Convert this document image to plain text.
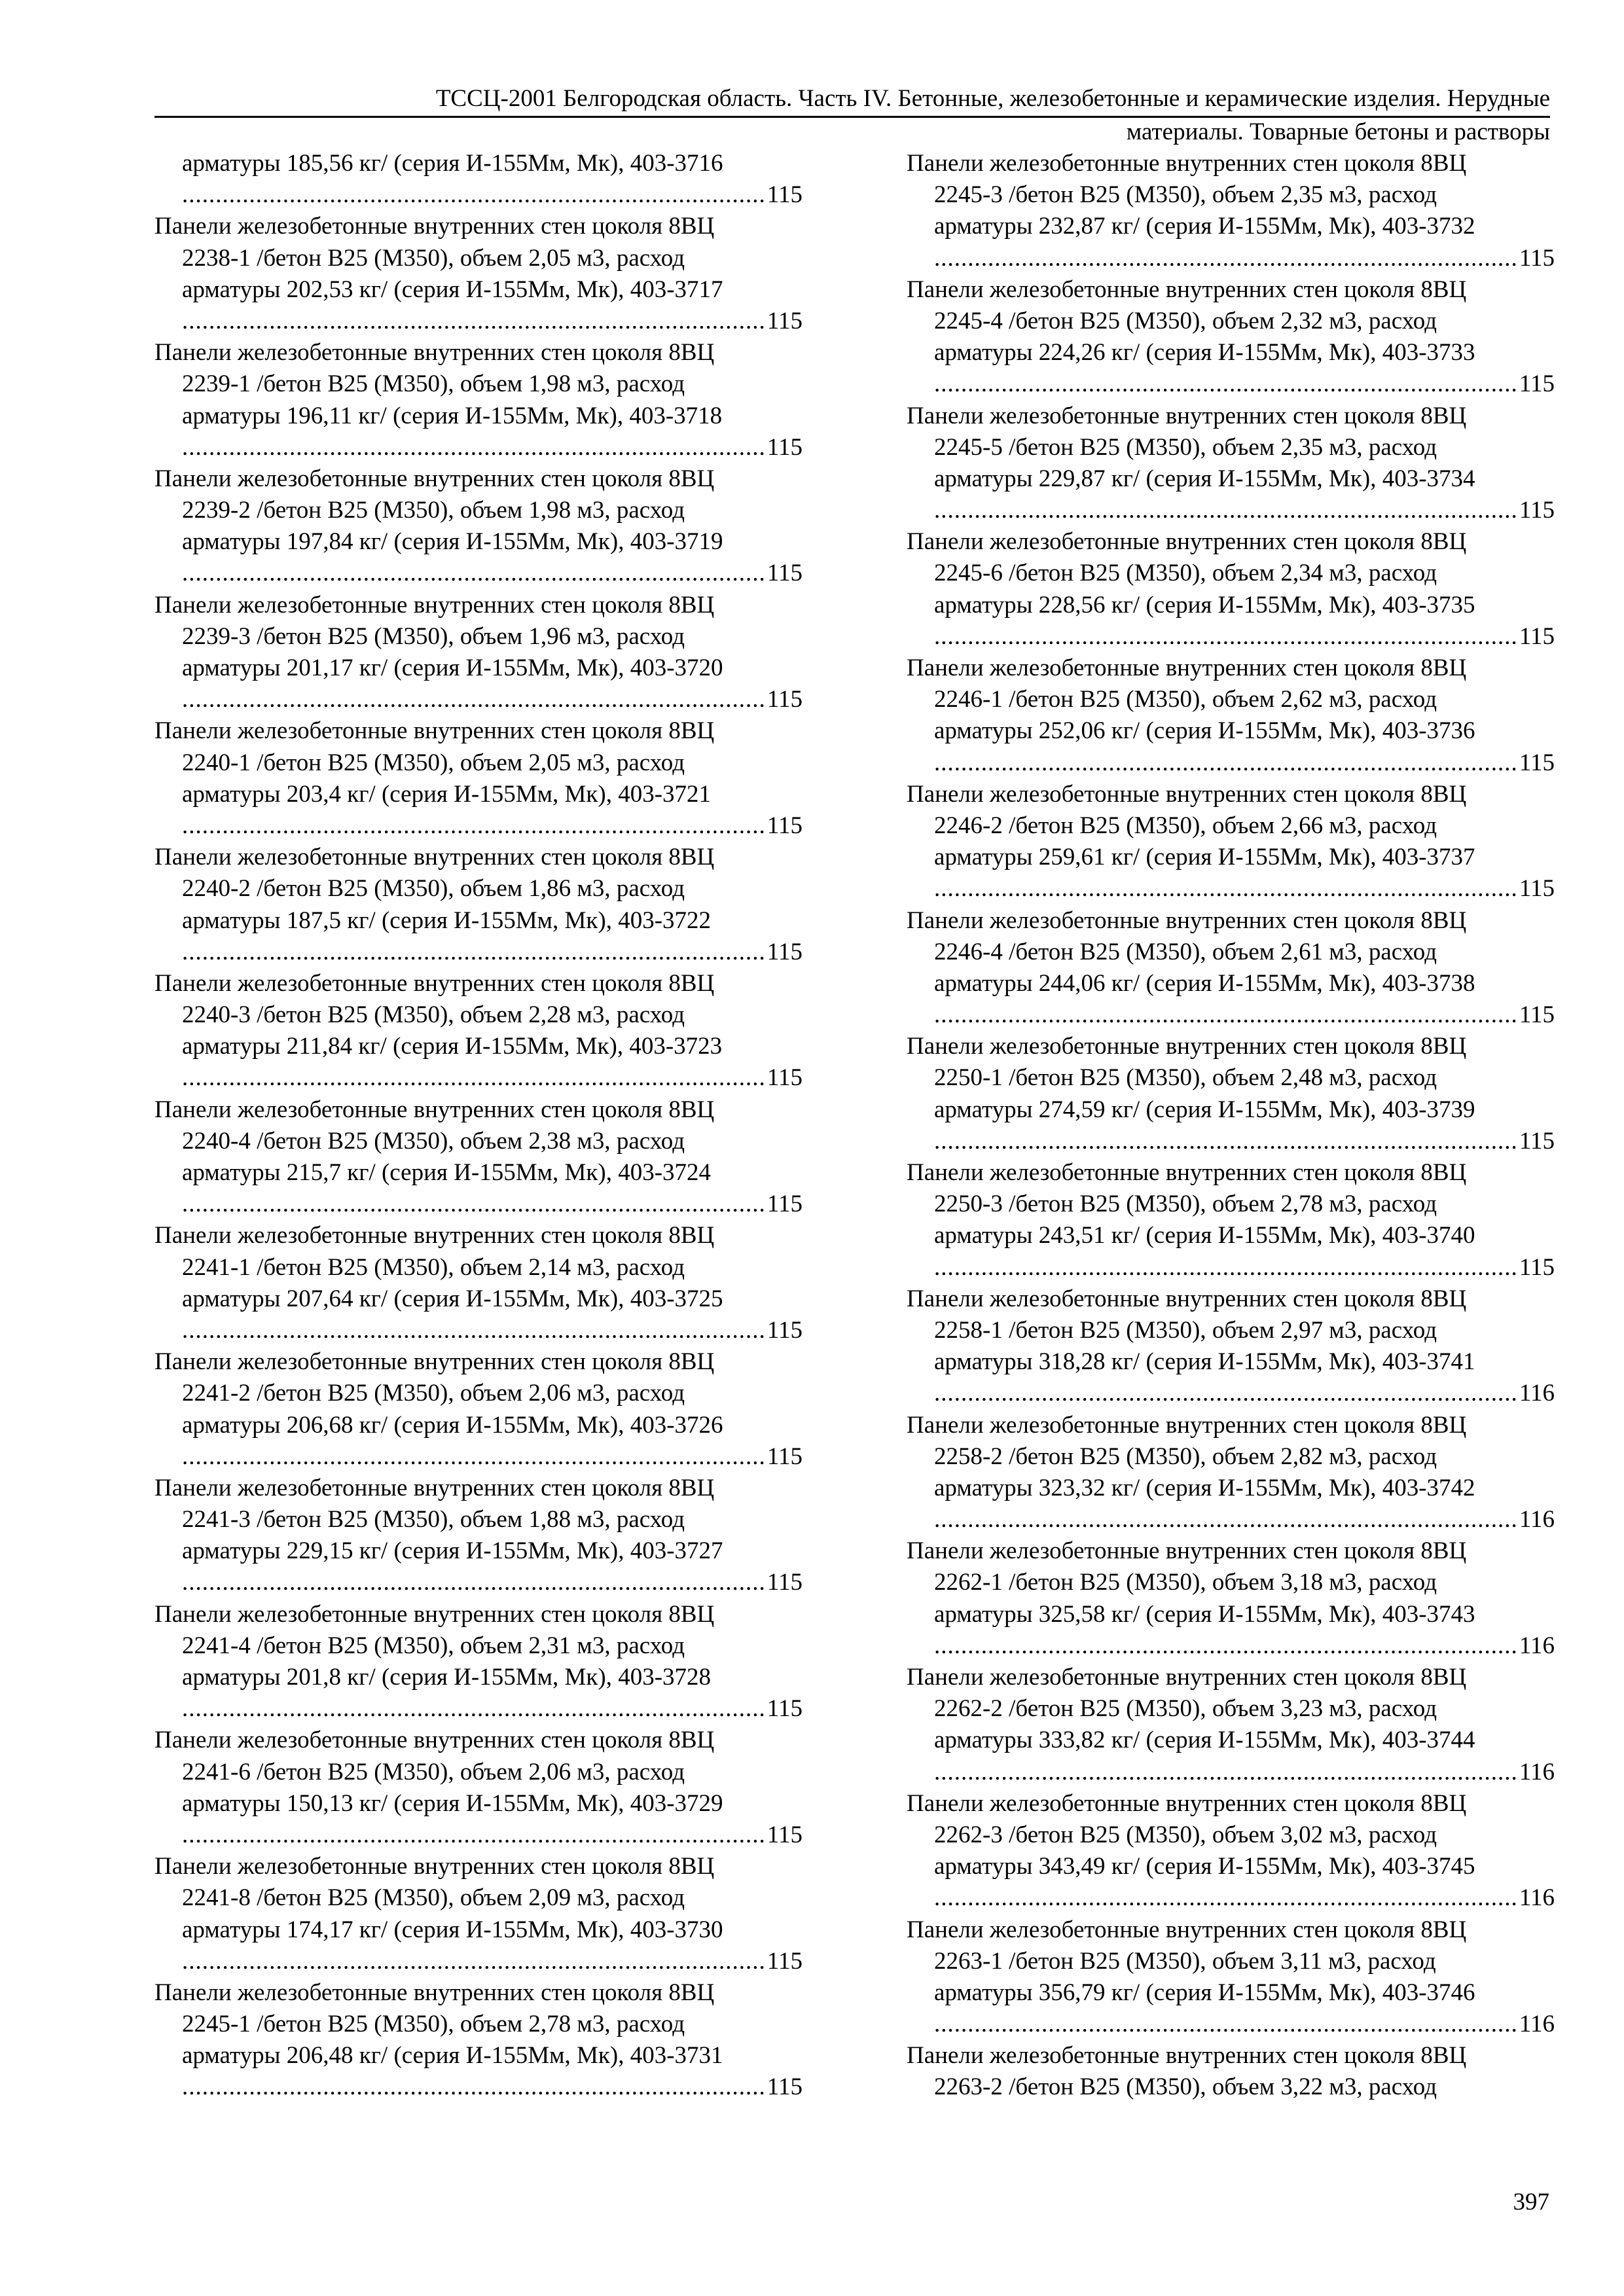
ТССЦ-2001 Белгородская область. Часть IV. Бетонные, железобетонные и керамические изделия. Нерудные
материалы. Товарные бетоны и растворы
арматуры 185,56 кг/ (серия И-155Мм, Мк), 403-3716
.....
115
Панели железобетонные внутренних стен цоколя 8ВЦ
2238-1 /бетон В25 (М350), объем 2,05 м3, расход
арматуры 202,53 кг/ (серия И-155Мм, Мк), 403-3717
.....
115
Панели железобетонные внутренних стен цоколя 8ВЦ
2239-1 /бетон В25 (М350), объем 1,98 м3, расход
арматуры 196,11 кг/ (серия И-155Мм, Мк), 403-3718
.....
115
Панели железобетонные внутренних стен цоколя 8ВЦ
2239-2 /бетон В25 (М350), объем 1,98 м3, расход
арматуры 197,84 кг/ (серия И-155Мм, Мк), 403-3719
.....
115
Панели железобетонные внутренних стен цоколя 8ВЦ
2239-3 /бетон В25 (М350), объем 1,96 м3, расход
арматуры 201,17 кг/ (серия И-155Мм, Мк), 403-3720
.....
115
Панели железобетонные внутренних стен цоколя 8ВЦ
2240-1 /бетон В25 (М350), объем 2,05 м3, расход
арматуры 203,4 кг/ (серия И-155Мм, Мк), 403-3721
.....
115
Панели железобетонные внутренних стен цоколя 8ВЦ
2240-2 /бетон В25 (М350), объем 1,86 м3, расход
арматуры 187,5 кг/ (серия И-155Мм, Мк), 403-3722
.....
115
Панели железобетонные внутренних стен цоколя 8ВЦ
2240-3 /бетон В25 (М350), объем 2,28 м3, расход
арматуры 211,84 кг/ (серия И-155Мм, Мк), 403-3723
.....
115
Панели железобетонные внутренних стен цоколя 8ВЦ
2240-4 /бетон В25 (М350), объем 2,38 м3, расход
арматуры 215,7 кг/ (серия И-155Мм, Мк), 403-3724
.....
115
Панели железобетонные внутренних стен цоколя 8ВЦ
2241-1 /бетон В25 (М350), объем 2,14 м3, расход
арматуры 207,64 кг/ (серия И-155Мм, Мк), 403-3725
.....
115
Панели железобетонные внутренних стен цоколя 8ВЦ
2241-2 /бетон В25 (М350), объем 2,06 м3, расход
арматуры 206,68 кг/ (серия И-155Мм, Мк), 403-3726
.....
115
Панели железобетонные внутренних стен цоколя 8ВЦ
2241-3 /бетон В25 (М350), объем 1,88 м3, расход
арматуры 229,15 кг/ (серия И-155Мм, Мк), 403-3727
.....
115
Панели железобетонные внутренних стен цоколя 8ВЦ
2241-4 /бетон В25 (М350), объем 2,31 м3, расход
арматуры 201,8 кг/ (серия И-155Мм, Мк), 403-3728
.....
115
Панели железобетонные внутренних стен цоколя 8ВЦ
2241-6 /бетон В25 (М350), объем 2,06 м3, расход
арматуры 150,13 кг/ (серия И-155Мм, Мк), 403-3729
.....
115
Панели железобетонные внутренних стен цоколя 8ВЦ
2241-8 /бетон В25 (М350), объем 2,09 м3, расход
арматуры 174,17 кг/ (серия И-155Мм, Мк), 403-3730
.....
115
Панели железобетонные внутренних стен цоколя 8ВЦ
2245-1 /бетон В25 (М350), объем 2,78 м3, расход
арматуры 206,48 кг/ (серия И-155Мм, Мк), 403-3731
.....
115
Панели железобетонные внутренних стен цоколя 8ВЦ
2245-3 /бетон В25 (М350), объем 2,35 м3, расход
арматуры 232,87 кг/ (серия И-155Мм, Мк), 403-3732
.....
115
Панели железобетонные внутренних стен цоколя 8ВЦ
2245-4 /бетон В25 (М350), объем 2,32 м3, расход
арматуры 224,26 кг/ (серия И-155Мм, Мк), 403-3733
.....
115
Панели железобетонные внутренних стен цоколя 8ВЦ
2245-5 /бетон В25 (М350), объем 2,35 м3, расход
арматуры 229,87 кг/ (серия И-155Мм, Мк), 403-3734
.....
115
Панели железобетонные внутренних стен цоколя 8ВЦ
2245-6 /бетон В25 (М350), объем 2,34 м3, расход
арматуры 228,56 кг/ (серия И-155Мм, Мк), 403-3735
.....
115
Панели железобетонные внутренних стен цоколя 8ВЦ
2246-1 /бетон В25 (М350), объем 2,62 м3, расход
арматуры 252,06 кг/ (серия И-155Мм, Мк), 403-3736
.....
115
Панели железобетонные внутренних стен цоколя 8ВЦ
2246-2 /бетон В25 (М350), объем 2,66 м3, расход
арматуры 259,61 кг/ (серия И-155Мм, Мк), 403-3737
.....
115
Панели железобетонные внутренних стен цоколя 8ВЦ
2246-4 /бетон В25 (М350), объем 2,61 м3, расход
арматуры 244,06 кг/ (серия И-155Мм, Мк), 403-3738
.....
115
Панели железобетонные внутренних стен цоколя 8ВЦ
2250-1 /бетон В25 (М350), объем 2,48 м3, расход
арматуры 274,59 кг/ (серия И-155Мм, Мк), 403-3739
.....
115
Панели железобетонные внутренних стен цоколя 8ВЦ
2250-3 /бетон В25 (М350), объем 2,78 м3, расход
арматуры 243,51 кг/ (серия И-155Мм, Мк), 403-3740
.....
115
Панели железобетонные внутренних стен цоколя 8ВЦ
2258-1 /бетон В25 (М350), объем 2,97 м3, расход
арматуры 318,28 кг/ (серия И-155Мм, Мк), 403-3741
.....
116
Панели железобетонные внутренних стен цоколя 8ВЦ
2258-2 /бетон В25 (М350), объем 2,82 м3, расход
арматуры 323,32 кг/ (серия И-155Мм, Мк), 403-3742
.....
116
Панели железобетонные внутренних стен цоколя 8ВЦ
2262-1 /бетон В25 (М350), объем 3,18 м3, расход
арматуры 325,58 кг/ (серия И-155Мм, Мк), 403-3743
.....
116
Панели железобетонные внутренних стен цоколя 8ВЦ
2262-2 /бетон В25 (М350), объем 3,23 м3, расход
арматуры 333,82 кг/ (серия И-155Мм, Мк), 403-3744
.....
116
Панели железобетонные внутренних стен цоколя 8ВЦ
2262-3 /бетон В25 (М350), объем 3,02 м3, расход
арматуры 343,49 кг/ (серия И-155Мм, Мк), 403-3745
.....
116
Панели железобетонные внутренних стен цоколя 8ВЦ
2263-1 /бетон В25 (М350), объем 3,11 м3, расход
арматуры 356,79 кг/ (серия И-155Мм, Мк), 403-3746
.....
116
Панели железобетонные внутренних стен цоколя 8ВЦ
2263-2 /бетон В25 (М350), объем 3,22 м3, расход
397
